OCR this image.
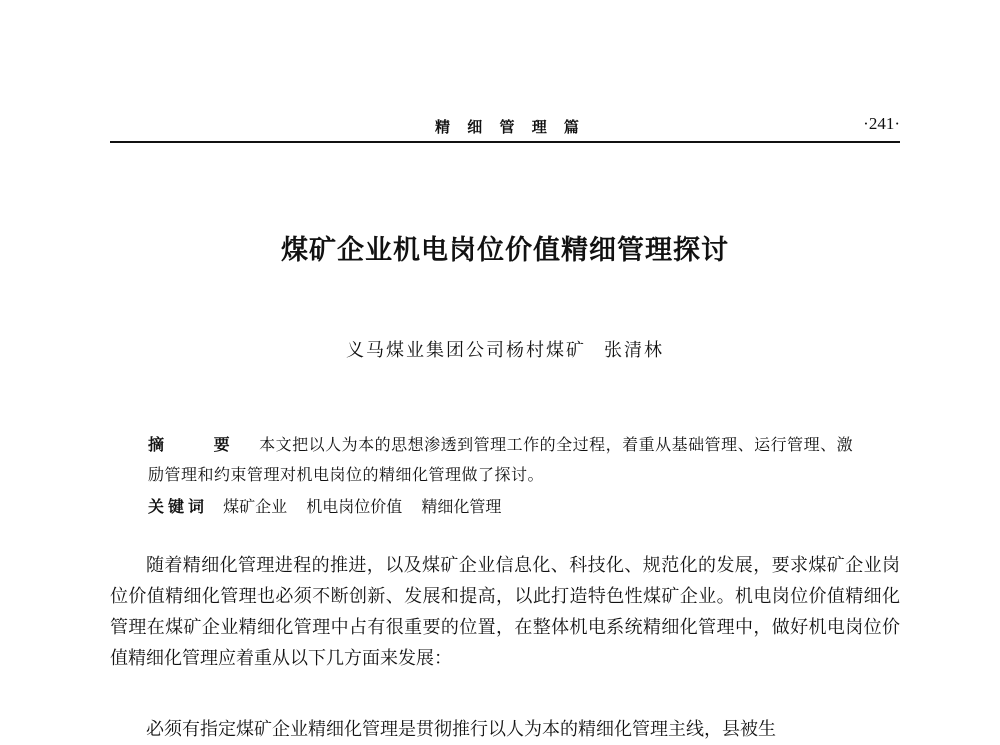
精 细 管 理 篇	·241·
煤矿企业机电岗位价值精细管理探讨
义马煤业集团公司杨村煤矿 张清林
摘 要 本文把以人为本的思想渗透到管理工作的全过程，着重从基础管理、运行管理、激励管理和约束管理对机电岗位的精细化管理做了探讨。
关键词 煤矿企业 机电岗位价值 精细化管理

随着精细化管理进程的推进，以及煤矿企业信息化、科技化、规范化的发展，要求煤矿企业岗位价值精细化管理也必须不断创新、发展和提高，以此打造特色性煤矿企业。机电岗位价值精细化管理在煤矿企业精细化管理中占有很重要的位置，在整体机电系统精细化管理中，做好机电岗位价值精细化管理应着重从以下几方面来发展：

必须有指定煤矿企业精细化管理是贯彻推行以人为本的精细化管理主线，县被生
